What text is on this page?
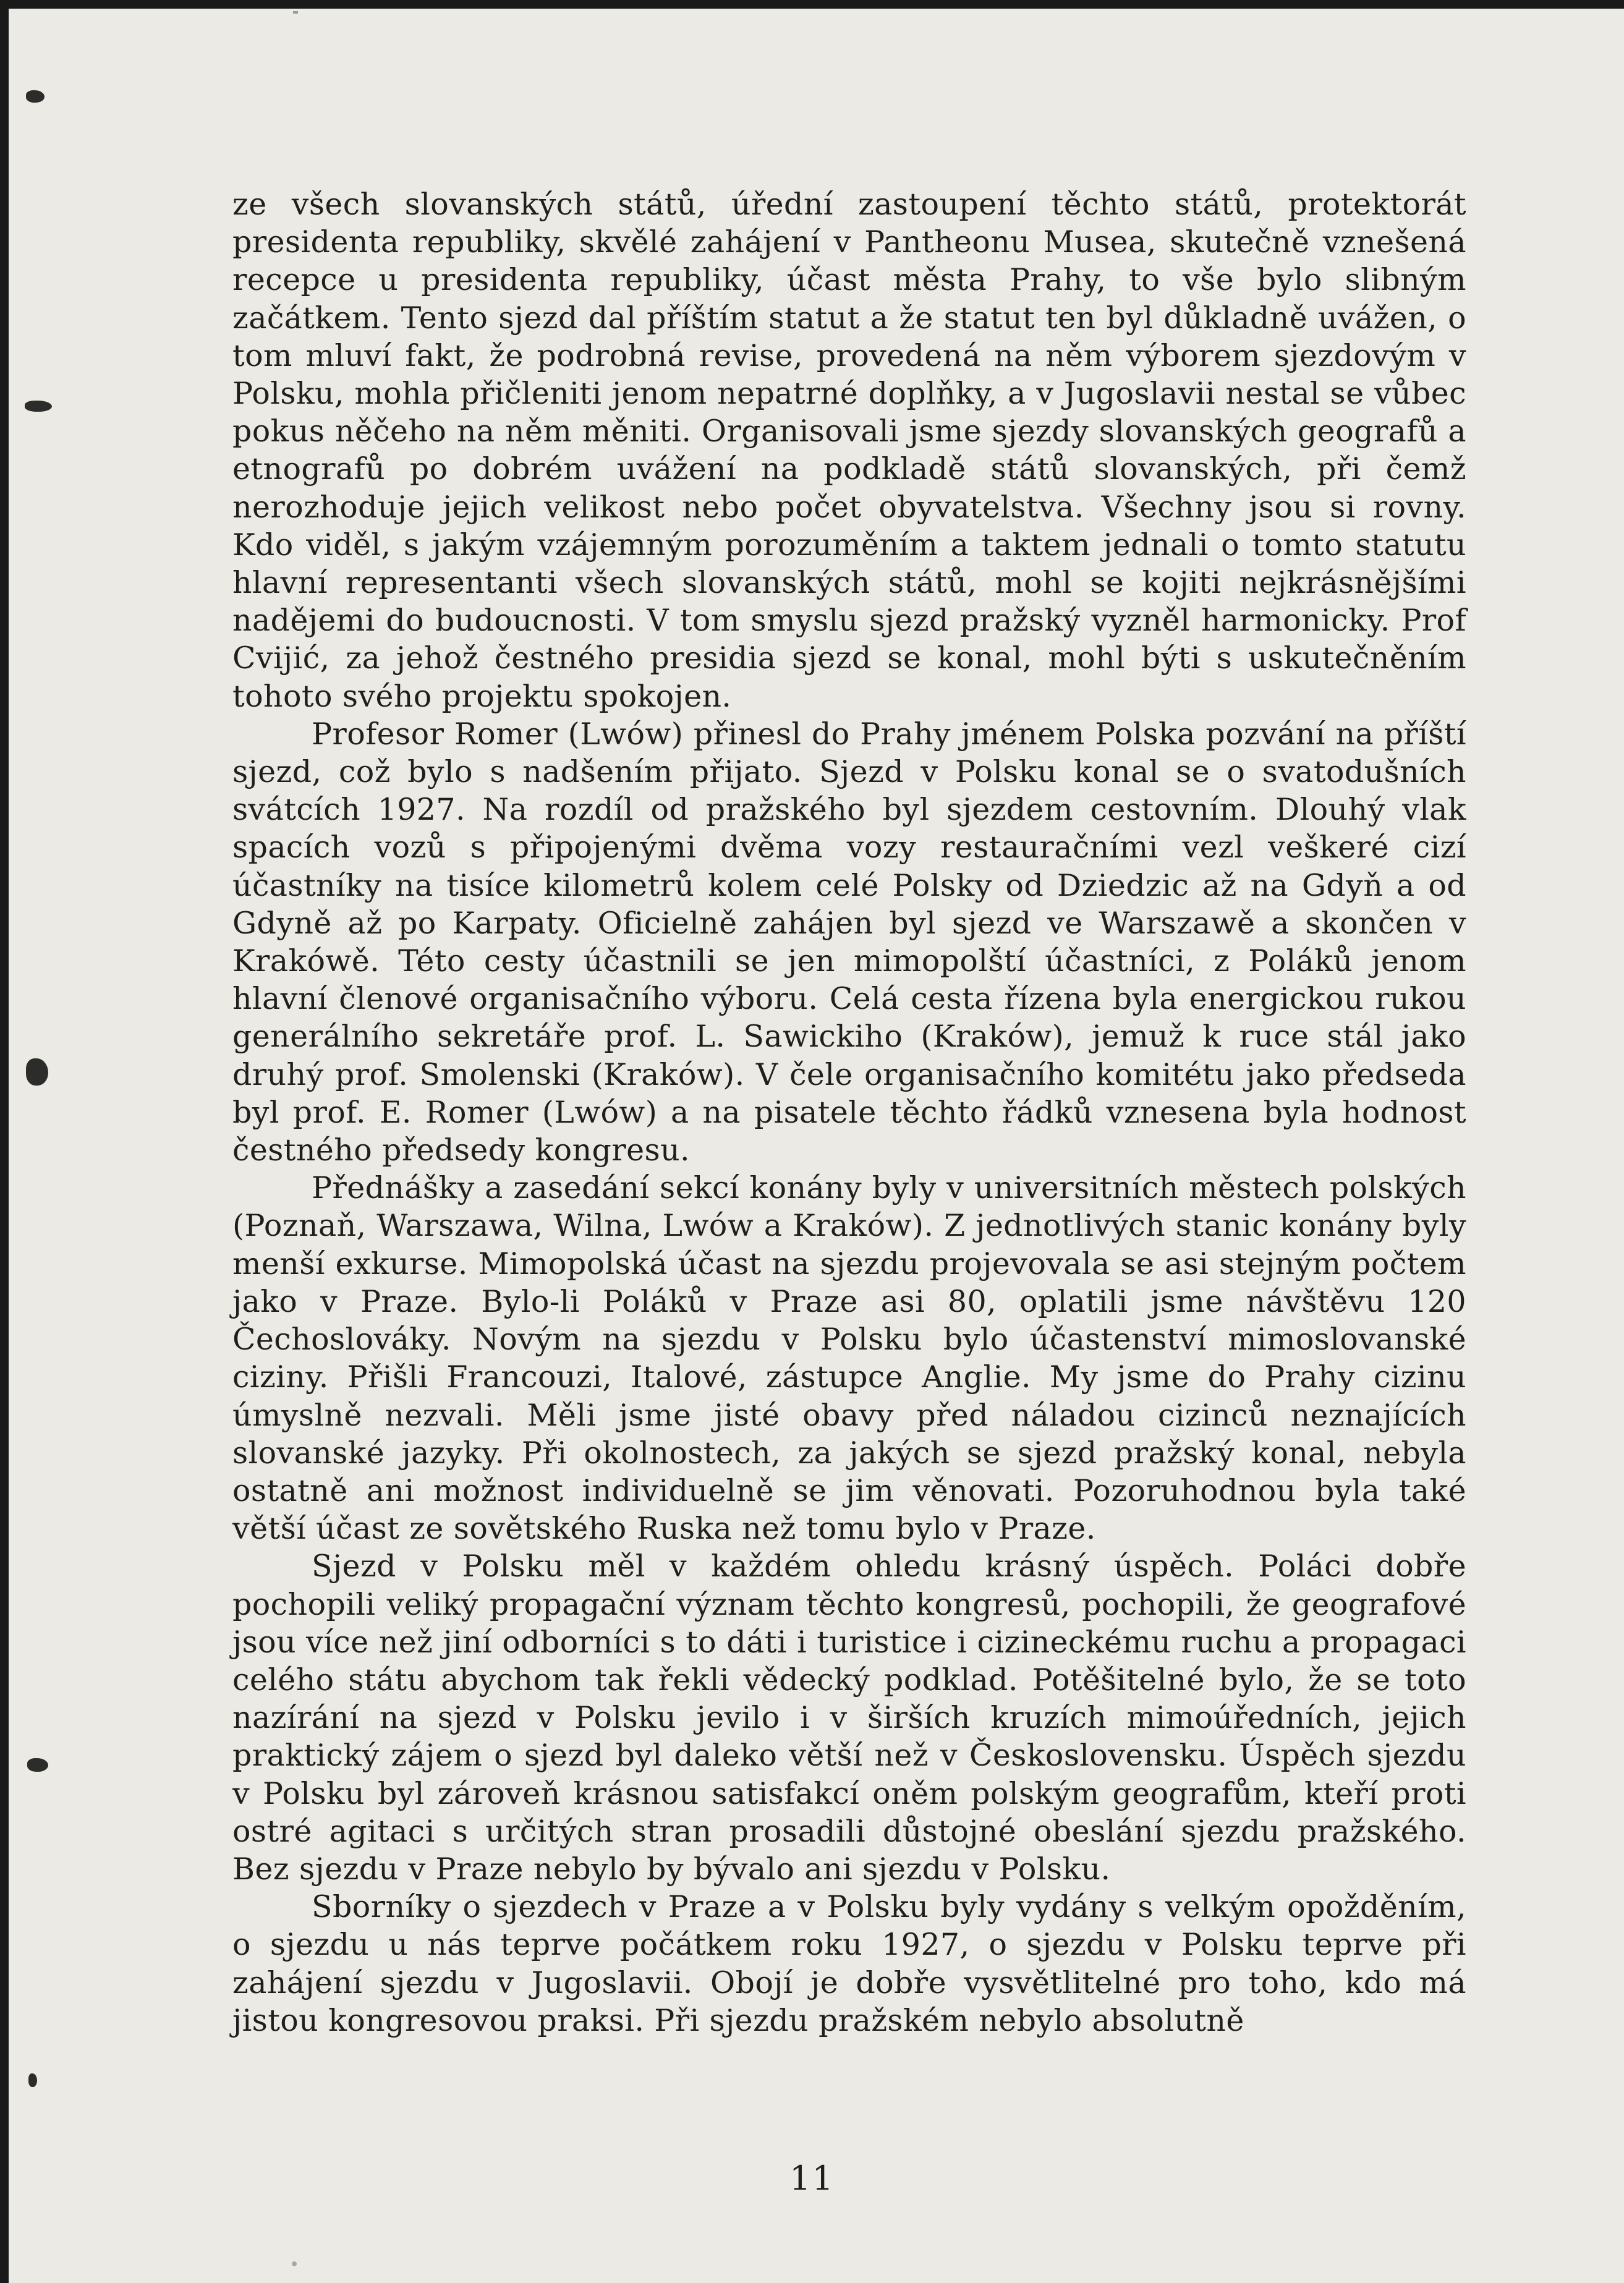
ze všech slovanských států, úřední zastoupení těchto států, protektorát presidenta republiky, skvělé zahájení v Pantheonu Musea, skutečně vznešená recepce u presidenta republiky, účast města Prahy, to vše bylo slibným začátkem. Tento sjezd dal příštím statut a že statut ten byl důkladně uvážen, o tom mluví fakt, že podrobná revise, provedená na něm výborem sjezdovým v Polsku, mohla přičleniti jenom nepatrné doplňky, a v Jugoslavii nestal se vůbec pokus něčeho na něm měniti. Organisovali jsme sjezdy slovanských geografů a etnografů po dobrém uvážení na podkladě států slovanských, při čemž nerozhoduje jejich velikost nebo počet obyvatelstva. Všechny jsou si rovny. Kdo viděl, s jakým vzájemným porozuměním a taktem jednali o tomto statutu hlavní representanti všech slovanských států, mohl se kojiti nejkrásnějšími nadějemi do budoucnosti. V tom smyslu sjezd pražský vyzněl harmonicky. Prof Cvijić, za jehož čestného presidia sjezd se konal, mohl býti s uskutečněním tohoto svého projektu spokojen.

Profesor Romer (Lwów) přinesl do Prahy jménem Polska pozvání na příští sjezd, což bylo s nadšením přijato. Sjezd v Polsku konal se o svatodušních svátcích 1927. Na rozdíl od pražského byl sjezdem cestovním. Dlouhý vlak spacích vozů s připojenými dvěma vozy restauračními vezl veškeré cizí účastníky na tisíce kilometrů kolem celé Polsky od Dziedzic až na Gdyň a od Gdyně až po Karpaty. Oficielně zahájen byl sjezd ve Warszawě a skončen v Krakówě. Této cesty účastnili se jen mimopolští účastníci, z Poláků jenom hlavní členové organisačního výboru. Celá cesta řízena byla energickou rukou generálního sekretáře prof. L. Sawickiho (Kraków), jemuž k ruce stál jako druhý prof. Smolenski (Kraków). V čele organisačního komitétu jako předseda byl prof. E. Romer (Lwów) a na pisatele těchto řádků vznesena byla hodnost čestného předsedy kongresu.

Přednášky a zasedání sekcí konány byly v universitních městech polských (Poznaň, Warszawa, Wilna, Lwów a Kraków). Z jednotlivých stanic konány byly menší exkurse. Mimopolská účast na sjezdu projevovala se asi stejným počtem jako v Praze. Bylo-li Poláků v Praze asi 80, oplatili jsme návštěvu 120 Čechoslováky. Novým na sjezdu v Polsku bylo účastenství mimoslovanské ciziny. Přišli Francouzi, Italové, zástupce Anglie. My jsme do Prahy cizinu úmyslně nezvali. Měli jsme jisté obavy před náladou cizinců neznajících slovanské jazyky. Při okolnostech, za jakých se sjezd pražský konal, nebyla ostatně ani možnost individuelně se jim věnovati. Pozoruhodnou byla také větší účast ze sovětského Ruska než tomu bylo v Praze.

Sjezd v Polsku měl v každém ohledu krásný úspěch. Poláci dobře pochopili veliký propagační význam těchto kongresů, pochopili, že geografové jsou více než jiní odborníci s to dáti i turistice i cizineckému ruchu a propagaci celého státu abychom tak řekli vědecký podklad. Potěšitelné bylo, že se toto nazírání na sjezd v Polsku jevilo i v širších kruzích mimoúředních, jejich praktický zájem o sjezd byl daleko větší než v Československu. Úspěch sjezdu v Polsku byl zároveň krásnou satisfakcí oněm polským geografům, kteří proti ostré agitaci s určitých stran prosadili důstojné obeslání sjezdu pražského. Bez sjezdu v Praze nebylo by bývalo ani sjezdu v Polsku.

Sborníky o sjezdech v Praze a v Polsku byly vydány s velkým opožděním, o sjezdu u nás teprve počátkem roku 1927, o sjezdu v Polsku teprve při zahájení sjezdu v Jugoslavii. Obojí je dobře vysvětlitelné pro toho, kdo má jistou kongresovou praksi. Při sjezdu pražském nebylo absolutně

11
